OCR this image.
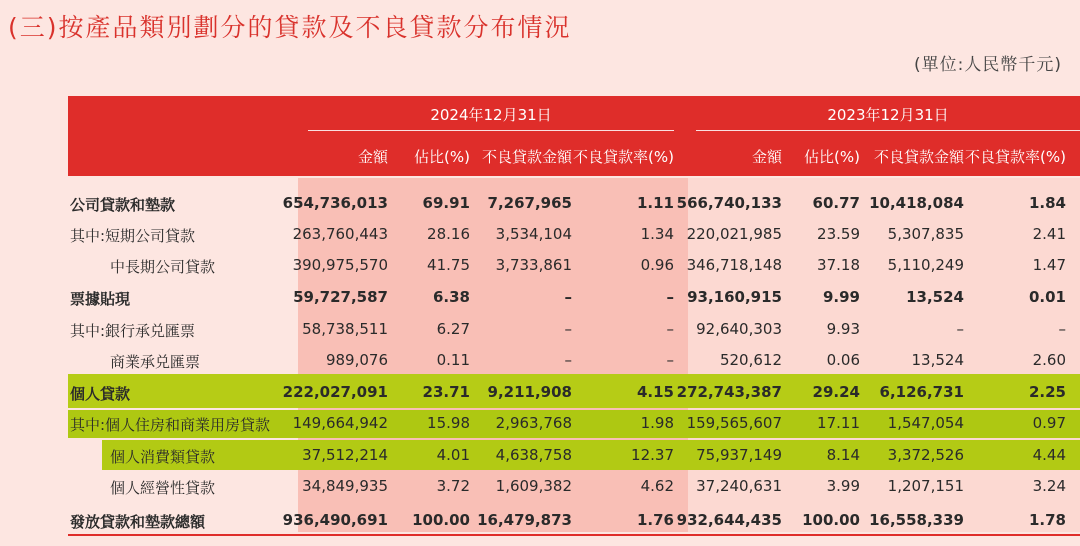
(三)按產品類別劃分的貸款及不良貸款分布情況
(單位:人民幣千元)
2024年12月31日	2023年12月31日
金額 佔比(%) 不良貸款金額 不良貸款率(%)	金額 佔比(%) 不良貸款金額 不良貸款率(%)
公司貸款和墊款	654,736,013 69.91 7,267,965	1.11 566,740,133 60.77 10,418,084	1.84
其中:短期公司貸款	263,760,443	28.16 3,534,104	1.34 220,021,985 23.59 5,307,835	2.41
中長期公司貸款	390,975,570	41.75 3,733,861	0.96 346,718,148 37.18 5,110,249	1.47
票據貼現	59,727,587	6.38	–	– 93,160,915	9.99	13,524	0.01
其中:銀行承兑匯票	58,738,511	6.27	–	– 92,640,303	9.93	–	–
商業承兑匯票	989,076	0.11	–	–	520,612	0.06	13,524	2.60
個人貸款	222,027,091 23.71 9,211,908	4.15 272,743,387 29.24 6,126,731	2.25
其中:個人住房和商業用房貸款 149,664,942	15.98 2,963,768	1.98 159,565,607 17.11 1,547,054	0.97
個人消費類貸款	37,512,214	4.01 4,638,758	12.37 75,937,149	8.14 3,372,526	4.44
個人經營性貸款	34,849,935	3.72 1,609,382	4.62 37,240,631	3.99 1,207,151	3.24
發放貸款和墊款總額	936,490,691 100.00 16,479,873	1.76 932,644,435 100.00 16,558,339	1.78
